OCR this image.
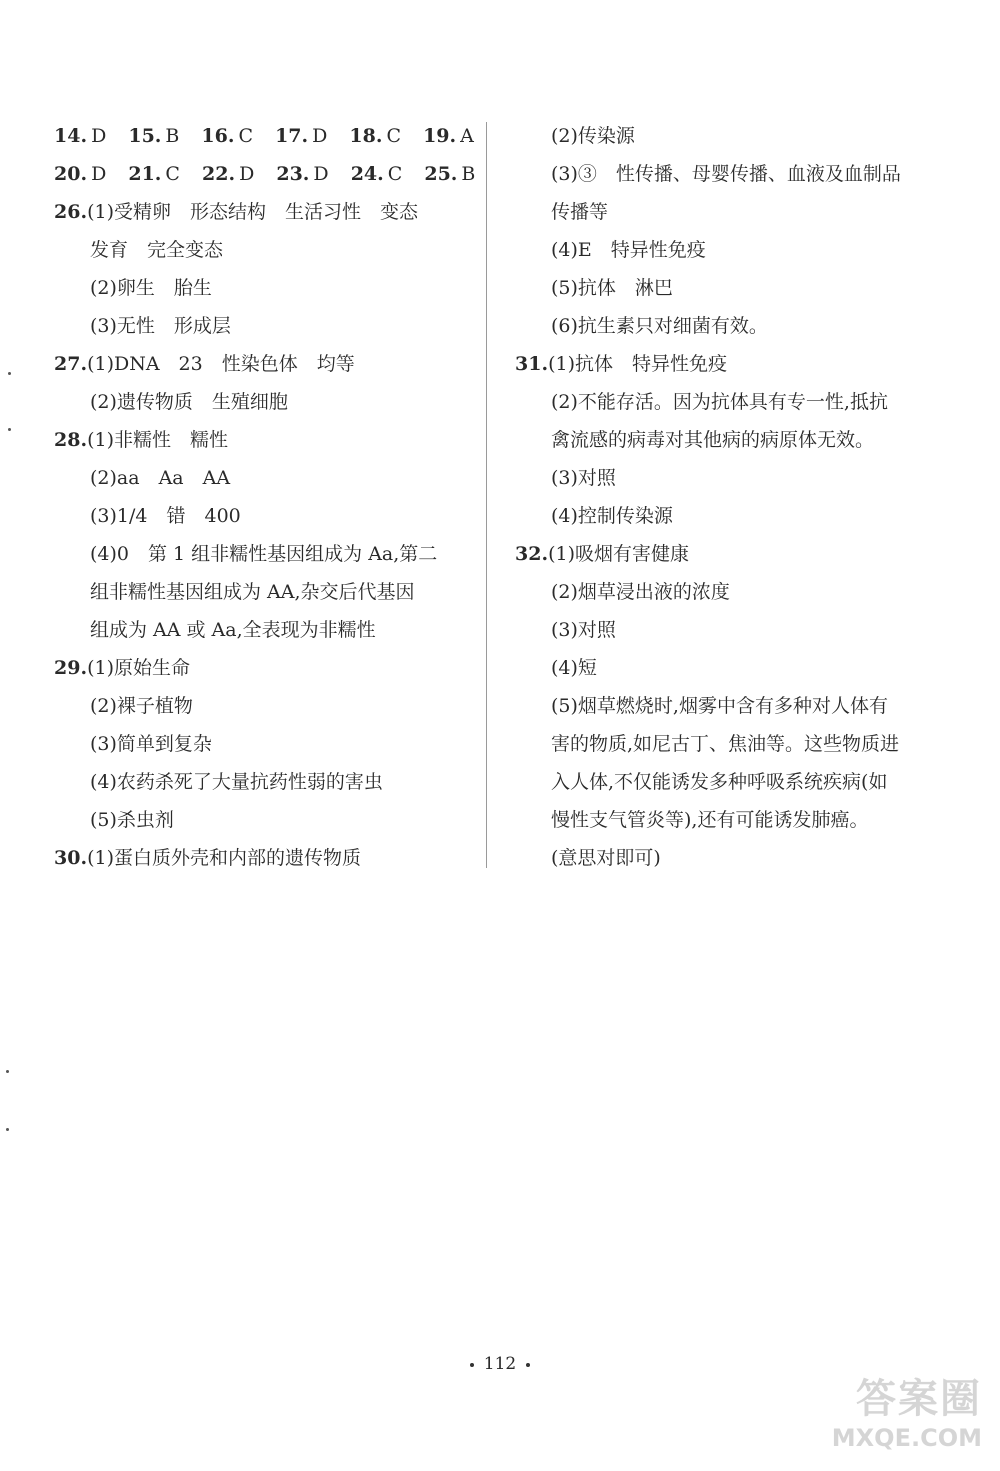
14. D 15. B 16. C 17. D 18. C 19. A
20. D 21. C 22. D 23. D 24. C 25. B
26.(1)受精卵　形态结构　生活习性　变态
发育　完全变态
(2)卵生　胎生
(3)无性　形成层
27.(1)DNA　23　性染色体　均等
(2)遗传物质　生殖细胞
28.(1)非糯性　糯性
(2)aa　Aa　AA
(3)1/4　错　400
(4)0　第 1 组非糯性基因组成为 Aa,第二
组非糯性基因组成为 AA,杂交后代基因
组成为 AA 或 Aa,全表现为非糯性
29.(1)原始生命
(2)裸子植物
(3)简单到复杂
(4)农药杀死了大量抗药性弱的害虫
(5)杀虫剂
30.(1)蛋白质外壳和内部的遗传物质
(2)传染源
(3)③　性传播、母婴传播、血液及血制品
传播等
(4)E　特异性免疫
(5)抗体　淋巴
(6)抗生素只对细菌有效。
31.(1)抗体　特异性免疫
(2)不能存活。因为抗体具有专一性,抵抗
禽流感的病毒对其他病的病原体无效。
(3)对照
(4)控制传染源
32.(1)吸烟有害健康
(2)烟草浸出液的浓度
(3)对照
(4)短
(5)烟草燃烧时,烟雾中含有多种对人体有
害的物质,如尼古丁、焦油等。这些物质进
入人体,不仅能诱发多种呼吸系统疾病(如
慢性支气管炎等),还有可能诱发肺癌。
(意思对即可)
112
答案圈
MXQE.COM
